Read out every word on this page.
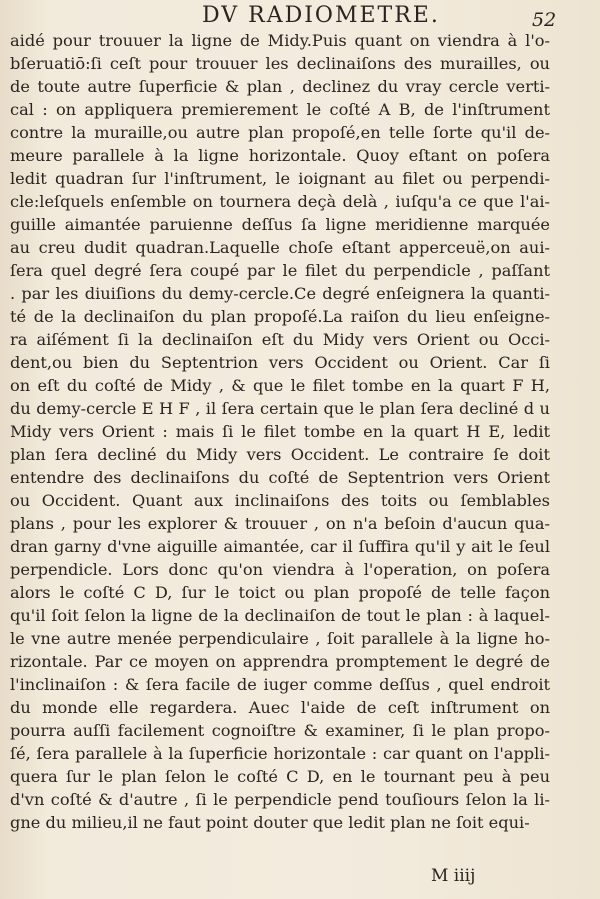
DV RADIOMETRE.	52
aidé pour trouuer la ligne de Midy.Puis quant on viendra à l'o-
bſeruatiō:ſi ceſt pour trouuer les declinaiſons des murailles, ou
de toute autre ſuperficie & plan , declinez du vray cercle verti-
cal : on appliquera premierement le coſté A B, de l'inſtrument
contre la muraille,ou autre plan propoſé,en telle ſorte qu'il de-
meure parallele à la ligne horizontale. Quoy eſtant on poſera
ledit quadran ſur l'inſtrument, le ioignant au filet ou perpendi-
cle:leſquels enſemble on tournera deçà delà , iuſqu'a ce que l'ai-
guille aimantée paruienne deſſus ſa ligne meridienne marquée
au creu dudit quadran.Laquelle choſe eſtant apperceuë,on aui-
ſera quel degré ſera coupé par le filet du perpendicle , paſſant
. par les diuiſions du demy-cercle.Ce degré enſeignera la quanti-
té de la declinaiſon du plan propoſé.La raiſon du lieu enſeigne-
ra aiſément ſi la declinaiſon eſt du Midy vers Orient ou Occi-
dent,ou bien du Septentrion vers Occident ou Orient. Car ſi
on eſt du coſté de Midy , & que le filet tombe en la quart F H,
du demy-cercle E H F , il ſera certain que le plan ſera decliné d u
Midy vers Orient : mais ſi le filet tombe en la quart H E, ledit
plan ſera decliné du Midy vers Occident. Le contraire ſe doit
entendre des declinaiſons du coſté de Septentrion vers Orient
ou Occident. Quant aux inclinaiſons des toits ou ſemblables
plans , pour les explorer & trouuer , on n'a beſoin d'aucun qua-
dran garny d'vne aiguille aimantée, car il ſuffira qu'il y ait le ſeul
perpendicle. Lors donc qu'on viendra à l'operation, on poſera
alors le coſté C D, ſur le toict ou plan propoſé de telle façon
qu'il ſoit ſelon la ligne de la declinaiſon de tout le plan : à laquel-
le vne autre menée perpendiculaire , ſoit parallele à la ligne ho-
rizontale. Par ce moyen on apprendra promptement le degré de
l'inclinaiſon : & ſera facile de iuger comme deſſus , quel endroit
du monde elle regardera. Auec l'aide de ceſt inſtrument on
pourra auſſi facilement cognoiſtre & examiner, ſi le plan propo-
ſé, ſera parallele à la ſuperficie horizontale : car quant on l'appli-
quera ſur le plan ſelon le coſté C D, en le tournant peu à peu
d'vn coſté & d'autre , ſi le perpendicle pend touſiours ſelon la li-
gne du milieu,il ne faut point douter que ledit plan ne ſoit equi-
M iiij
